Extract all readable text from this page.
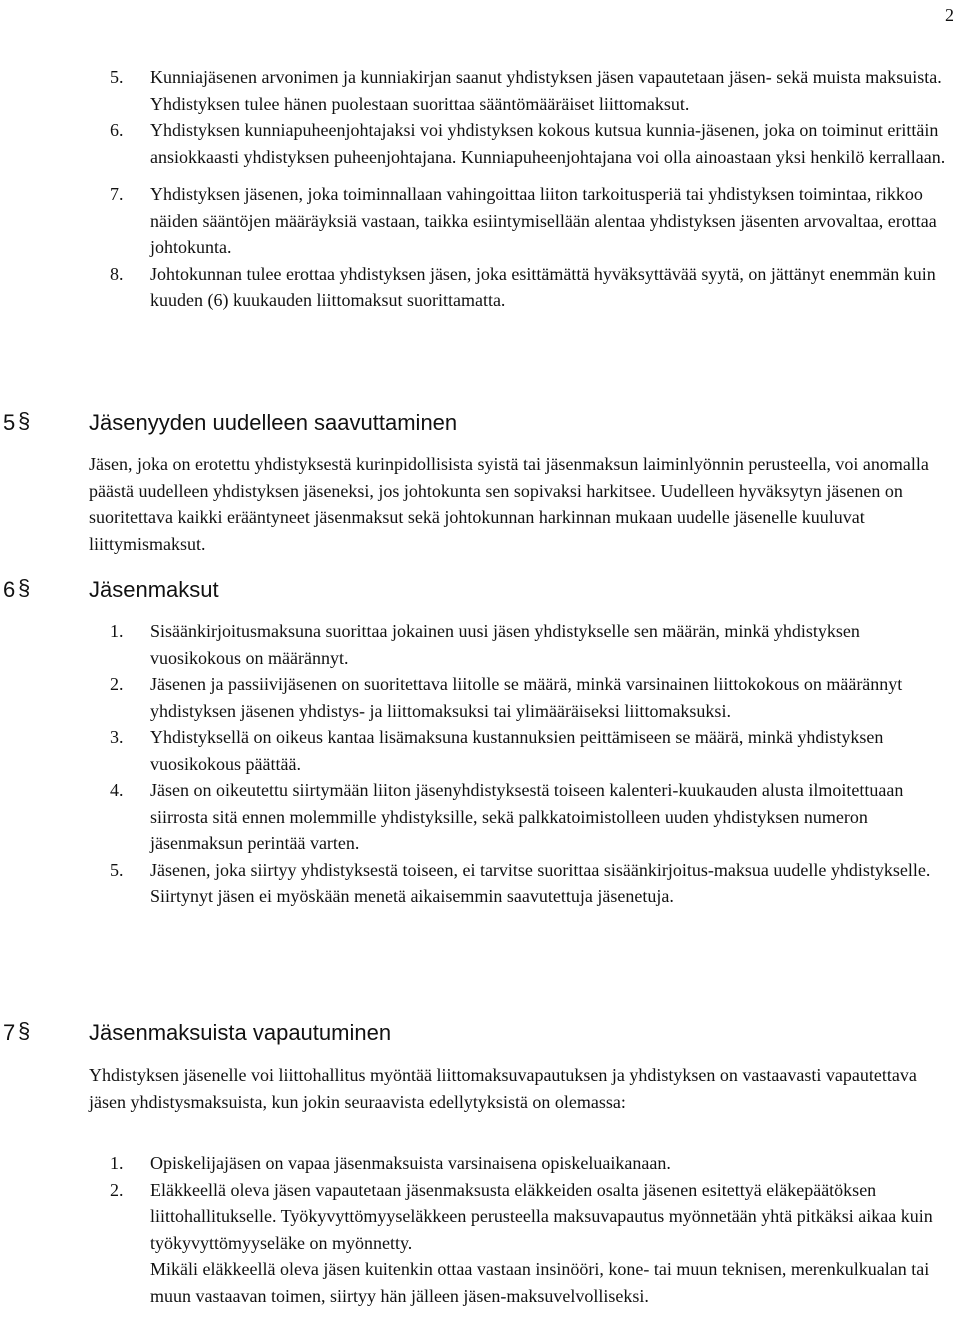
2
5. Kunniajäsenen arvonimen ja kunniakirjan saanut yhdistyksen jäsen vapautetaan jäsen- sekä muista maksuista. Yhdistyksen tulee hänen puolestaan suorittaa sääntömääräiset liittomaksut.
6. Yhdistyksen kunniapuheenjohtajaksi voi yhdistyksen kokous kutsua kunnia-jäsenen, joka on toiminut erittäin ansiokkaasti yhdistyksen puheenjohtajana. Kunniapuheenjohtajana voi olla ainoastaan yksi henkilö kerrallaan.
7. Yhdistyksen jäsenen, joka toiminnallaan vahingoittaa liiton tarkoitusperiä tai yhdistyksen toimintaa, rikkoo näiden sääntöjen määräyksiä vastaan, taikka esiintymisellään alentaa yhdistyksen jäsenten arvovaltaa, erottaa johtokunta.
8. Johtokunnan tulee erottaa yhdistyksen jäsen, joka esittämättä hyväksyttävää syytä, on jättänyt enemmän kuin kuuden (6) kuukauden liittomaksut suorittamatta.
5 §	Jäsenyyden uudelleen saavuttaminen

Jäsen, joka on erotettu yhdistyksestä kurinpidollisista syistä tai jäsenmaksun laiminlyönnin perusteella, voi anomalla päästä uudelleen yhdistyksen jäseneksi, jos johtokunta sen sopivaksi harkitsee. Uudelleen hyväksytyn jäsenen on suoritettava kaikki erääntyneet jäsenmaksut sekä johtokunnan harkinnan mukaan uudelle jäsenelle kuuluvat liittymismaksut.

6 §	Jäsenmaksut
1. Sisäänkirjoitusmaksuna suorittaa jokainen uusi jäsen yhdistykselle sen määrän, minkä yhdistyksen vuosikokous on määrännyt.
2. Jäsenen ja passiivijäsenen on suoritettava liitolle se määrä, minkä varsinainen liittokokous on määrännyt yhdistyksen jäsenen yhdistys- ja liittomaksuksi tai ylimääräiseksi liittomaksuksi.
3. Yhdistyksellä on oikeus kantaa lisämaksuna kustannuksien peittämiseen se määrä, minkä yhdistyksen vuosikokous päättää.
4. Jäsen on oikeutettu siirtymään liiton jäsenyhdistyksestä toiseen kalenteri-kuukauden alusta ilmoitettuaan siirrosta sitä ennen molemmille yhdistyksille, sekä palkkatoimistolleen uuden yhdistyksen numeron jäsenmaksun perintää varten.
5. Jäsenen, joka siirtyy yhdistyksestä toiseen, ei tarvitse suorittaa sisäänkirjoitus-maksua uudelle yhdistykselle. Siirtynyt jäsen ei myöskään menetä aikaisemmin saavutettuja jäsenetuja.
7 §	Jäsenmaksuista vapautuminen

Yhdistyksen jäsenelle voi liittohallitus myöntää liittomaksuvapautuksen ja yhdistyksen on vastaavasti vapautettava jäsen yhdistysmaksuista, kun jokin seuraavista edellytyksistä on olemassa:

1. Opiskelijajäsen on vapaa jäsenmaksuista varsinaisena opiskeluaikanaan.
2. Eläkkeellä oleva jäsen vapautetaan jäsenmaksusta eläkkeiden osalta jäsenen esitettyä eläkepäätöksen liittohallitukselle. Työkyvyttömyyseläkkeen perusteella maksuvapautus myönnetään yhtä pitkäksi aikaa kuin työkyvyttömyyseläke on myönnetty.
Mikäli eläkkeellä oleva jäsen kuitenkin ottaa vastaan insinööri, kone- tai muun teknisen, merenkulkualan tai muun vastaavan toimen, siirtyy hän jälleen jäsen-maksuvelvolliseksi.
